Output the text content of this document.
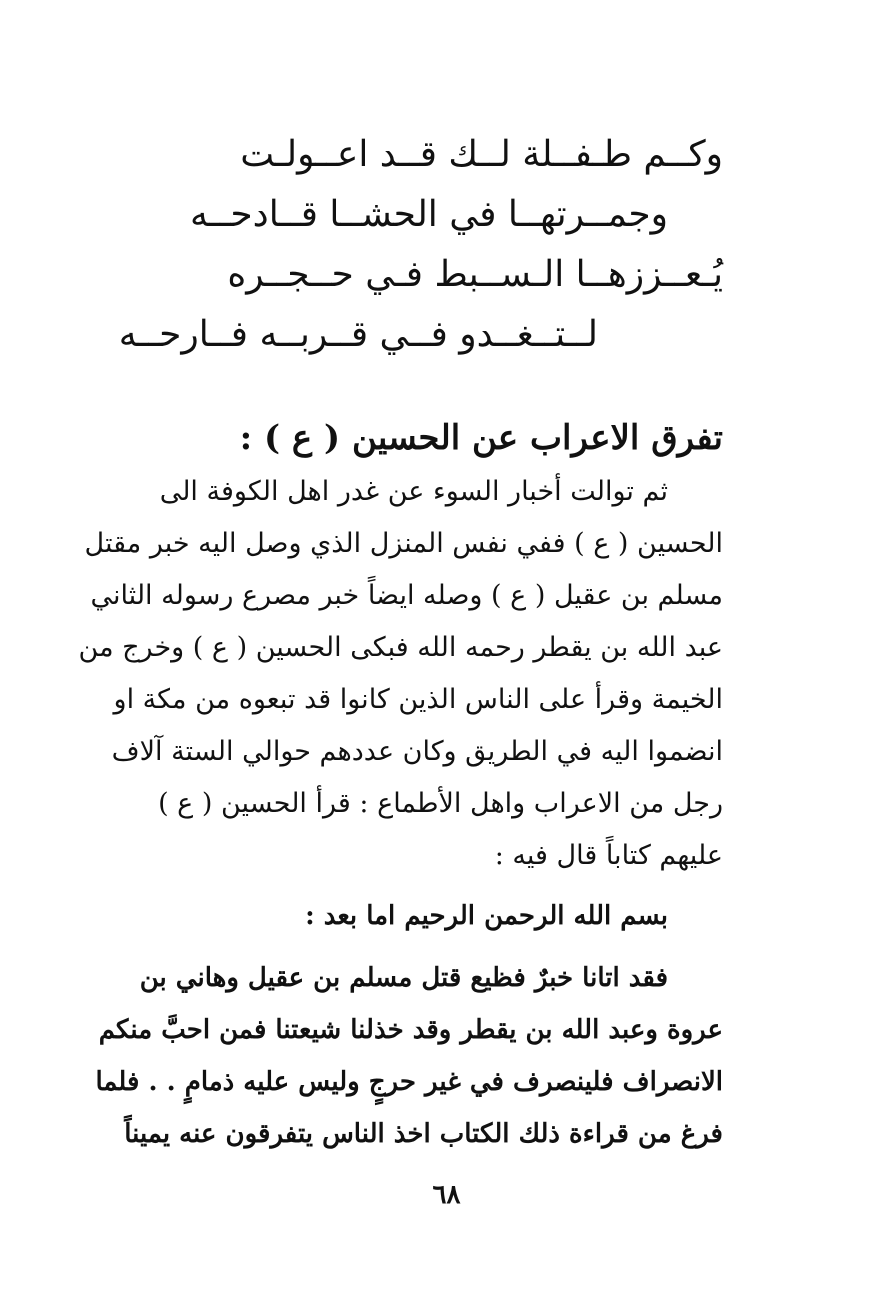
وكــم طـفــلة لــك قــد اعــولـت
وجمــرتهــا في الحشــا قــادحــه
يُـعــززهــا الـســبط فـي حــجــره
لــتــغــدو فــي قــربــه فــارحــه
تفرق الاعراب عن الحسين ( ع ) :
ثم توالت أخبار السوء عن غدر اهل الكوفة الى
الحسين ( ع ) ففي نفس المنزل الذي وصل اليه خبر مقتل
مسلم بن عقيل ( ع ) وصله ايضاً خبر مصرع رسوله الثاني
عبد الله بن يقطر رحمه الله فبكى الحسين ( ع ) وخرج من
الخيمة وقرأ على الناس الذين كانوا قد تبعوه من مكة او
انضموا اليه في الطريق وكان عددهم حوالي الستة آلاف
رجل من الاعراب واهل الأطماع : قرأ الحسين ( ع )
عليهم كتاباً قال فيه :
بسم الله الرحمن الرحيم اما بعد :
فقد اتانا خبرٌ فظيع قتل مسلم بن عقيل وهاني بن
عروة وعبد الله بن يقطر وقد خذلنا شيعتنا فمن احبَّ منكم
الانصراف فلينصرف في غير حرجٍ وليس عليه ذمامٍ . . فلما
فرغ من قراءة ذلك الكتاب اخذ الناس يتفرقون عنه يميناً
٦٨
